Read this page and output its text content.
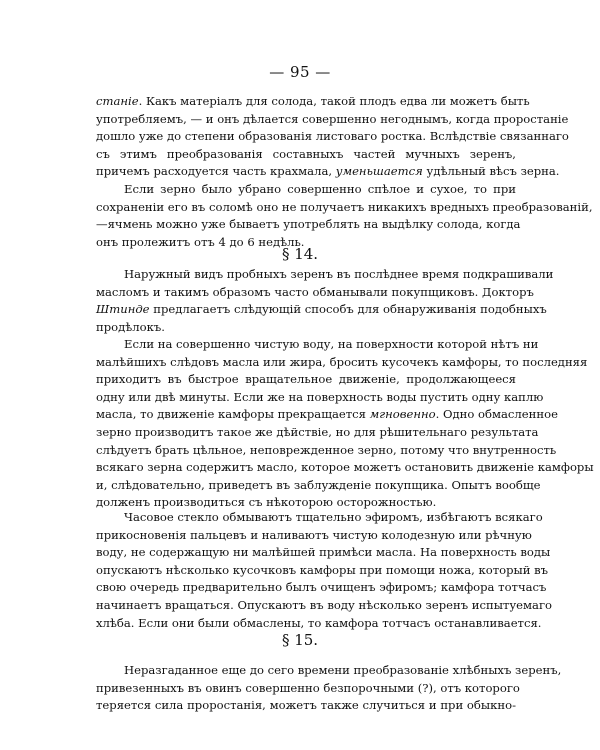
— 95 —
станіе. Какъ матеріалъ для солода, такой плодъ едва ли можетъ быть
употребляемъ, — и онъ дѣлается совершенно негоднымъ, когда проростаніе
дошло уже до степени образованія листоваго ростка. Вслѣдствіе связаннаго
съ этимъ преобразованія составныхъ частей мучныхъ зеренъ,
причемъ расходуется часть крахмала, уменьшается удѣльный вѣсъ зерна.
Если зерно было убрано совершенно спѣлое и сухое, то при
сохраненіи его въ соломѣ оно не получаетъ никакихъ вредныхъ преобразованій,
—ячмень можно уже бываетъ употреблять на выдѣлку солода, когда
онъ пролежитъ отъ 4 до 6 недѣль.
§ 14.
Наружный видъ пробныхъ зеренъ въ послѣднее время подкрашивали
масломъ и такимъ образомъ часто обманывали покупщиковъ. Докторъ
Штинде предлагаетъ слѣдующій способъ для обнаруживанія подобныхъ
продѣлокъ.
Если на совершенно чистую воду, на поверхности которой нѣтъ ни
малѣйшихъ слѣдовъ масла или жира, бросить кусочекъ камфоры, то последняя
приходитъ въ быстрое вращательное движеніе, продолжающееся
одну или двѣ минуты. Если же на поверхность воды пустить одну каплю
масла, то движеніе камфоры прекращается мгновенно. Одно обмасленное
зерно производитъ такое же дѣйствіе, но для рѣшительнаго результата
слѣдуетъ брать цѣльное, неповрежденное зерно, потому что внутренность
всякаго зерна содержитъ масло, которое можетъ остановить движеніе камфоры
и, слѣдовательно, приведетъ въ заблужденіе покупщика. Опытъ вообще
долженъ производиться съ нѣкоторою осторожностью.
Часовое стекло обмываютъ тщательно эфиромъ, избѣгаютъ всякаго
прикосновенія пальцевъ и наливаютъ чистую колодезную или рѣчную
воду, не содержащую ни малѣйшей примѣси масла. На поверхность воды
опускаютъ нѣсколько кусочковъ камфоры при помощи ножа, который въ
свою очередь предварительно былъ очищенъ эфиромъ; камфора тотчасъ
начинаетъ вращаться. Опускаютъ въ воду нѣсколько зеренъ испытуемаго
хлѣба. Если они были обмаслены, то камфора тотчасъ останавливается.
§ 15.
Неразгаданное еще до сего времени преобразованіе хлѣбныхъ зеренъ,
привезенныхъ въ овинъ совершенно безпорочными (?), отъ которого
теряется сила проростанія, можетъ также случиться и при обыкно-
